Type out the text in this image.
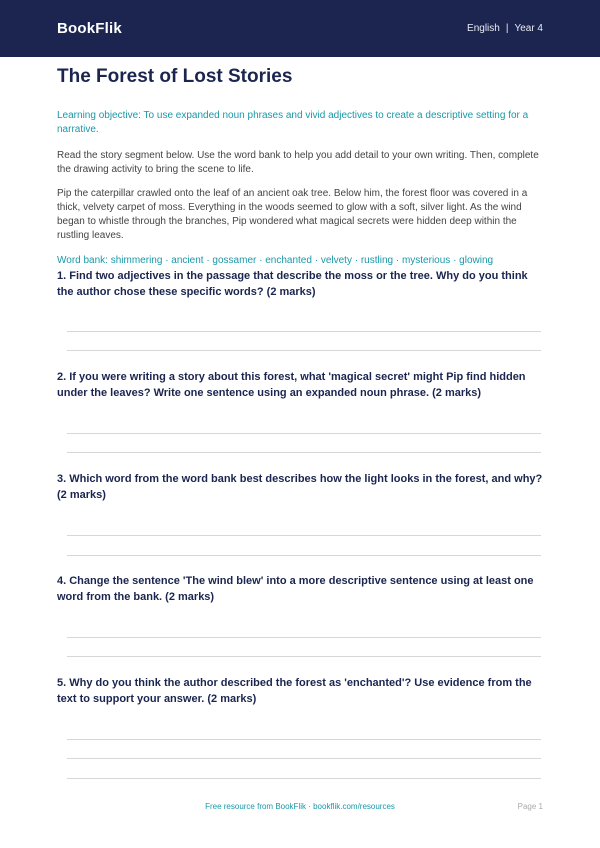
BookFlik	English | Year 4
The Forest of Lost Stories

Learning objective: To use expanded noun phrases and vivid adjectives to create a descriptive setting for a narrative.

Read the story segment below. Use the word bank to help you add detail to your own writing. Then, complete the drawing activity to bring the scene to life.

Pip the caterpillar crawled onto the leaf of an ancient oak tree. Below him, the forest floor was covered in a thick, velvety carpet of moss. Everything in the woods seemed to glow with a soft, silver light. As the wind began to whistle through the branches, Pip wondered what magical secrets were hidden deep within the rustling leaves.

Word bank: shimmering · ancient · gossamer · enchanted · velvety · rustling · mysterious · glowing

1. Find two adjectives in the passage that describe the moss or the tree. Why do you think the author chose these specific words? (2 marks)

2. If you were writing a story about this forest, what 'magical secret' might Pip find hidden under the leaves? Write one sentence using an expanded noun phrase. (2 marks)

3. Which word from the word bank best describes how the light looks in the forest, and why? (2 marks)

4. Change the sentence 'The wind blew' into a more descriptive sentence using at least one word from the bank. (2 marks)

5. Why do you think the author described the forest as 'enchanted'? Use evidence from the text to support your answer. (2 marks)

Free resource from BookFlik · bookflik.com/resources	Page 1
